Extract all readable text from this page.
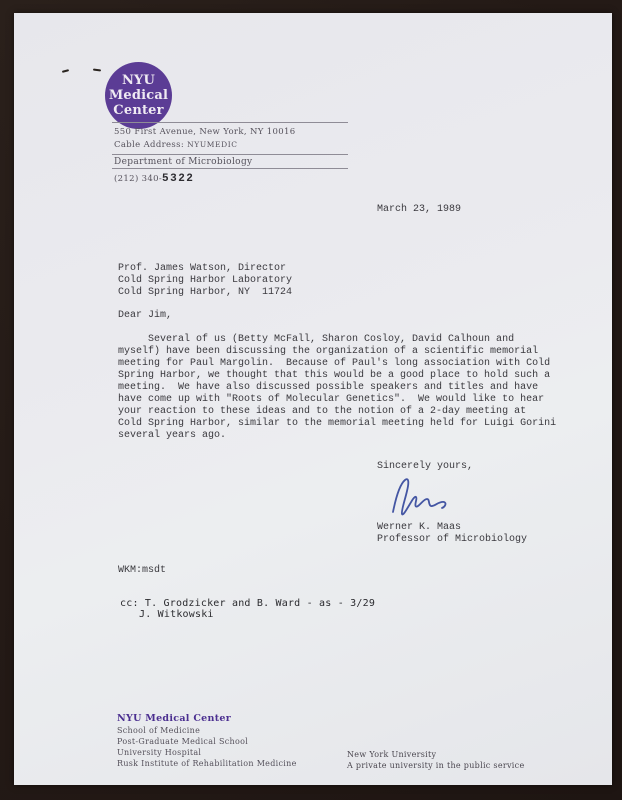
NYU
Medical
Center
550 First Avenue, New York, NY 10016
Cable Address: NYUMEDIC
Department of Microbiology
(212) 340- 5322
March 23, 1989
Prof. James Watson, Director
Cold Spring Harbor Laboratory
Cold Spring Harbor, NY  11724
Dear Jim,
Several of us (Betty McFall, Sharon Cosloy, David Calhoun and
myself) have been discussing the organization of a scientific memorial
meeting for Paul Margolin.  Because of Paul's long association with Cold
Spring Harbor, we thought that this would be a good place to hold such a
meeting.  We have also discussed possible speakers and titles and have
have come up with "Roots of Molecular Genetics".  We would like to hear
your reaction to these ideas and to the notion of a 2-day meeting at
Cold Spring Harbor, similar to the memorial meeting held for Luigi Gorini
several years ago.
Sincerely yours,
Werner K. Maas
Professor of Microbiology
WKM:msdt
cc: T. Grodzicker and B. Ward - as - 3/29
J. Witkowski
NYU Medical Center
School of Medicine
Post-Graduate Medical School
University Hospital
Rusk Institute of Rehabilitation Medicine
New York University
A private university in the public service
